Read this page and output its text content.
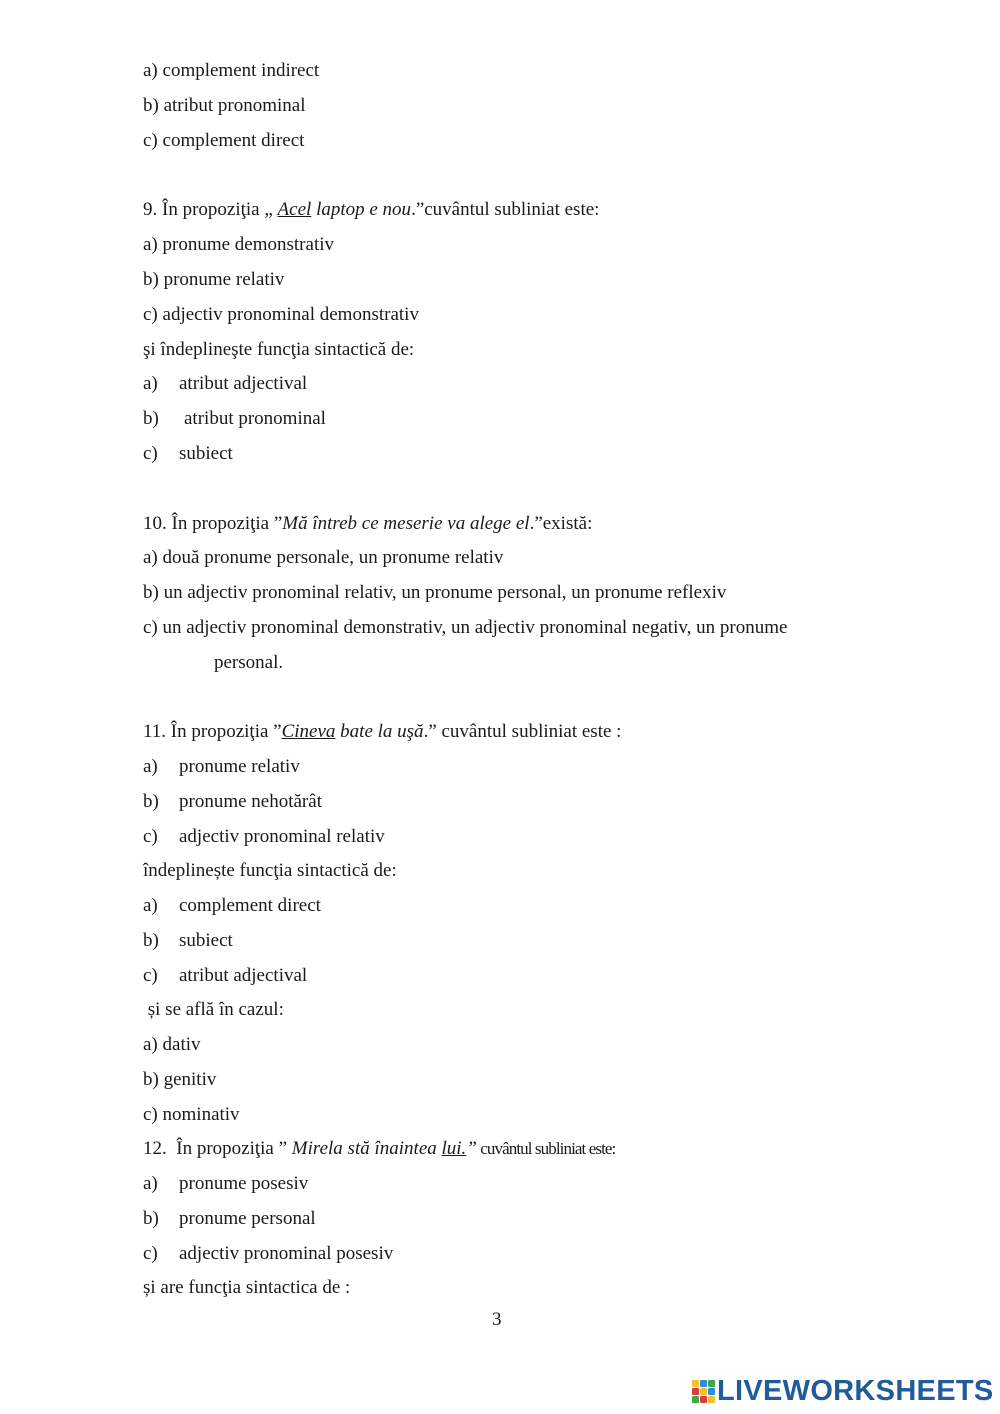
a) complement indirect
b) atribut pronominal
c) complement direct
9. În propoziţia „ Acel laptop e nou.”cuvântul subliniat este:
a) pronume demonstrativ
b) pronume relativ
c) adjectiv pronominal demonstrativ
şi îndeplineşte funcţia sintactică de:
a) atribut adjectival
b) atribut pronominal
c) subiect
10. În propoziţia ”Mă întreb ce meserie va alege el.”există:
a) două pronume personale, un pronume relativ
b) un adjectiv pronominal relativ, un pronume personal, un pronume reflexiv
c) un adjectiv pronominal demonstrativ, un adjectiv pronominal negativ, un pronume
personal.
11. În propoziţia ”Cineva bate la uşă.” cuvântul subliniat este :
a) pronume relativ
b) pronume nehotărât
c) adjectiv pronominal relativ
îndeplinește funcţia sintactică de:
a) complement direct
b) subiect
c) atribut adjectival
și se află în cazul:
a) dativ
b) genitiv
c) nominativ
12.  În propoziţia ” Mirela stă înaintea lui.” cuvântul subliniat este:
a) pronume posesiv
b) pronume personal
c) adjectiv pronominal posesiv
și are funcţia sintactica de :
3
LIVEWORKSHEETS
